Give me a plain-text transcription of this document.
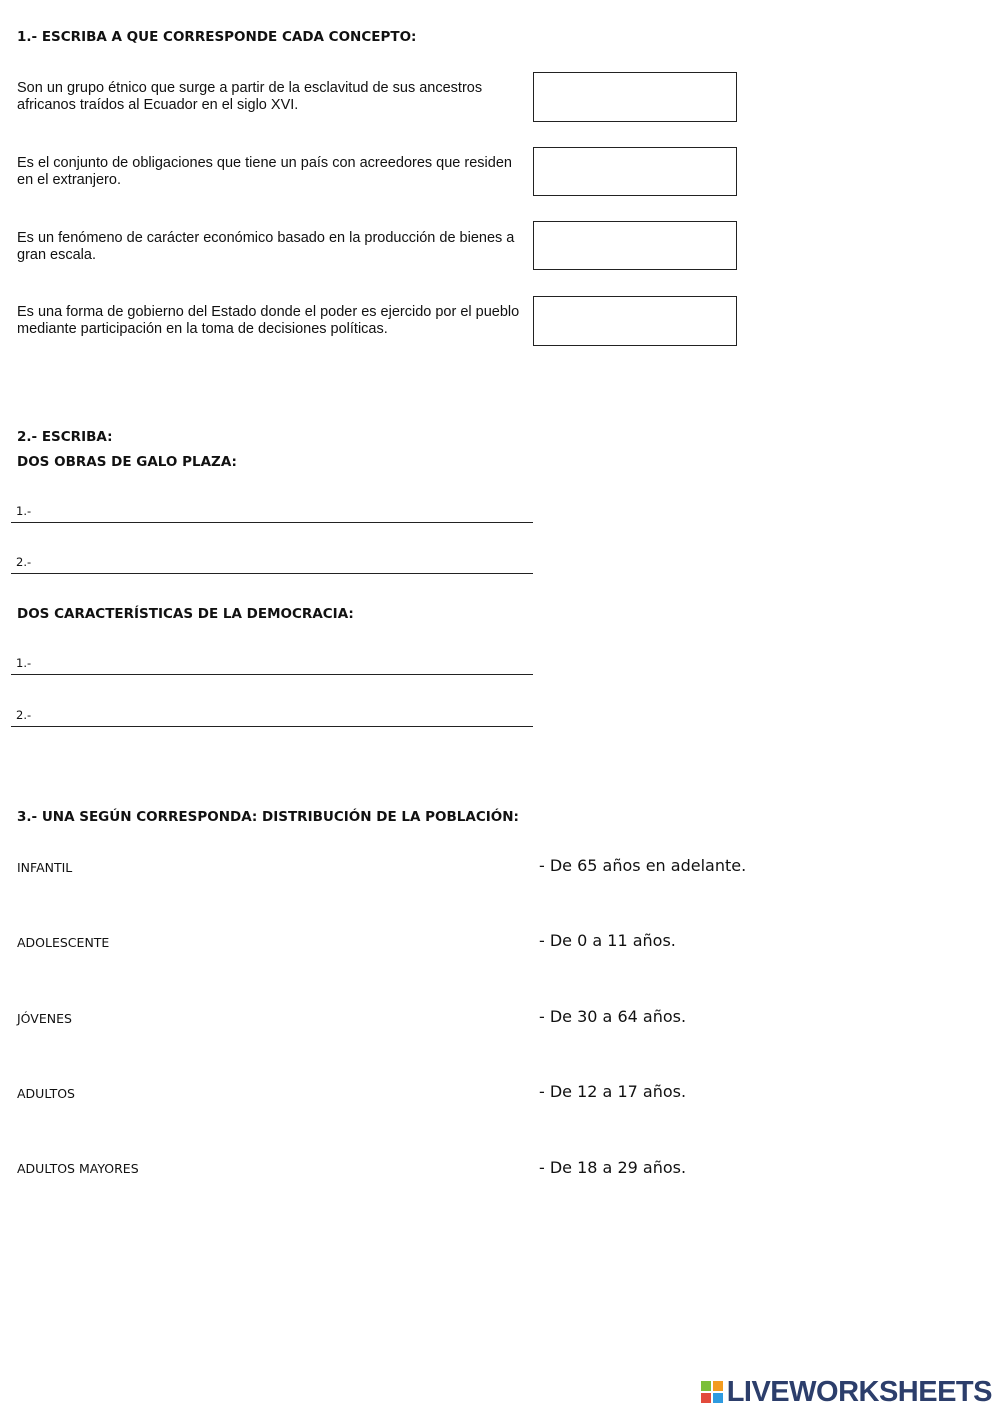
1.- ESCRIBA A QUE CORRESPONDE CADA CONCEPTO:
Son un grupo étnico que surge a partir de la esclavitud de sus ancestros africanos traídos al Ecuador en el siglo XVI.
Es el conjunto de obligaciones que tiene un país con acreedores que residen en el extranjero.
Es un fenómeno de carácter económico basado en la producción de bienes a gran escala.
Es una forma de gobierno del Estado donde el poder es ejercido por el pueblo mediante participación en la toma de decisiones políticas.
2.- ESCRIBA:
DOS OBRAS DE GALO PLAZA:
1.-
2.-
DOS CARACTERÍSTICAS DE LA DEMOCRACIA:
1.-
2.-
3.- UNA SEGÚN CORRESPONDA: DISTRIBUCIÓN DE LA POBLACIÓN:
INFANTIL
ADOLESCENTE
JÓVENES
ADULTOS
ADULTOS MAYORES
- De 65 años en adelante.
- De 0 a 11 años.
- De 30 a 64 años.
- De 12 a 17 años.
- De 18 a 29 años.
LIVEWORKSHEETS
